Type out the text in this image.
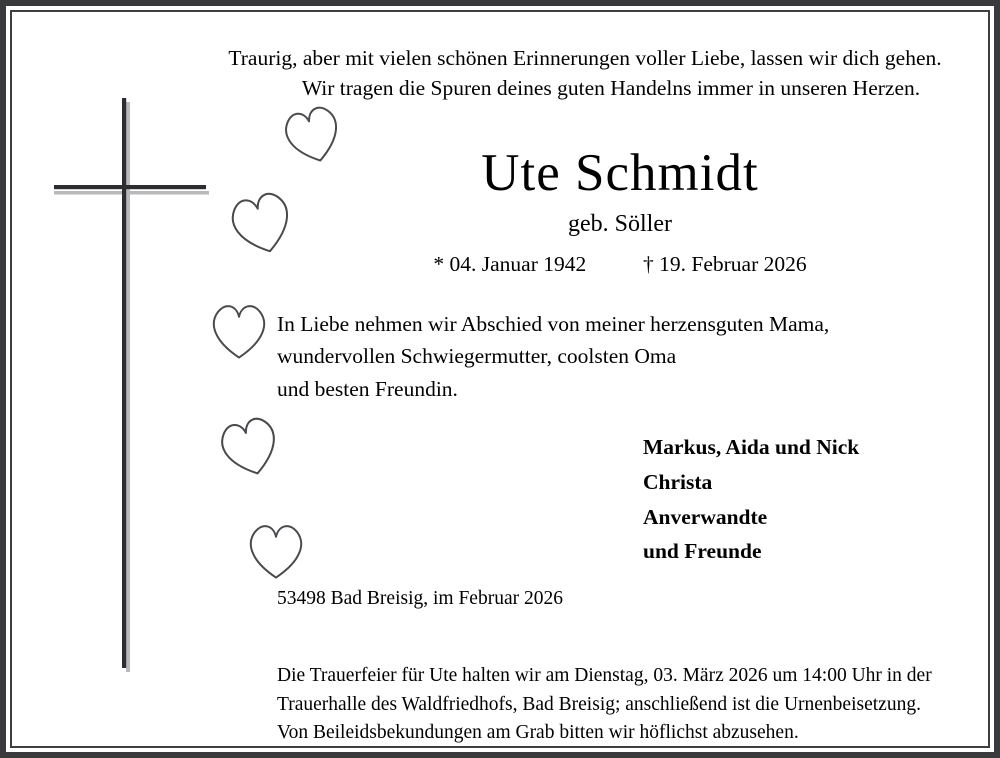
Traurig, aber mit vielen schönen Erinnerungen voller Liebe, lassen wir dich gehen.
Wir tragen die Spuren deines guten Handelns immer in unseren Herzen.
Ute Schmidt
geb. Söller
* 04. Januar 1942	† 19. Februar 2026
In Liebe nehmen wir Abschied von meiner herzensguten Mama,
wundervollen Schwiegermutter, coolsten Oma
und besten Freundin.
Markus, Aida und Nick
Christa
Anverwandte
und Freunde
53498 Bad Breisig, im Februar 2026
Die Trauerfeier für Ute halten wir am Dienstag, 03. März 2026 um 14:00 Uhr in der
Trauerhalle des Waldfriedhofs, Bad Breisig; anschließend ist die Urnenbeisetzung.
Von Beileidsbekundungen am Grab bitten wir höflichst abzusehen.
